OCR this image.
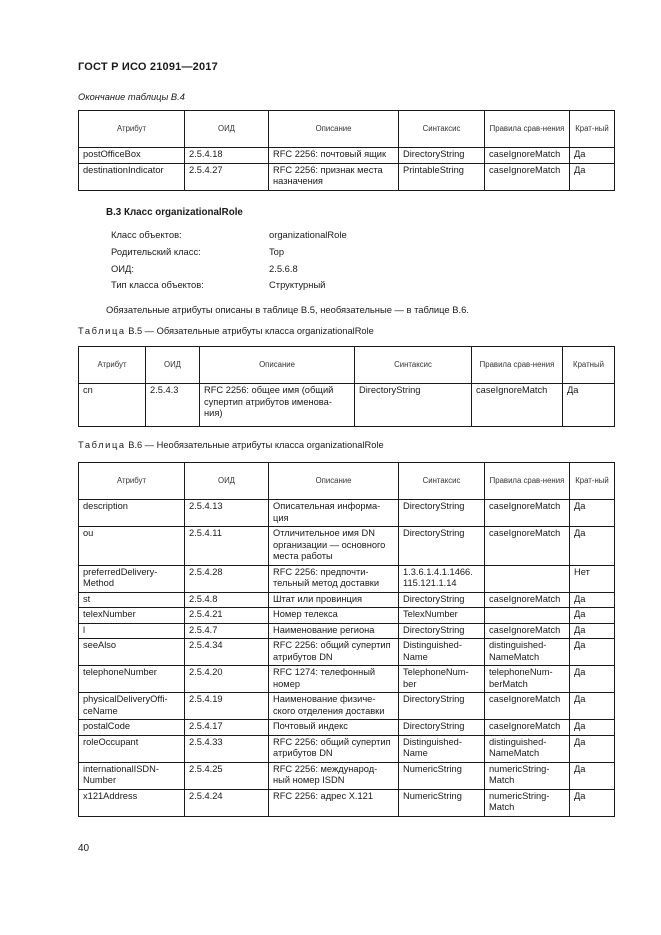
ГОСТ Р ИСО 21091—2017
Окончание таблицы В.4
Атрибут	ОИД	Описание	Синтаксис	Правила срав-нения	Крат-ный
postOfficeBox	2.5.4.18	RFC 2256: почтовый ящик	DirectoryString	caseIgnoreMatch	Да
destinationIndicator	2.5.4.27	RFC 2256: признак места назначения	PrintableString	caseIgnoreMatch	Да
В.3 Класс organizationalRole
Класс объектов:	organizationalRole
Родительский класс:	Top
ОИД:	2.5.6.8
Тип класса объектов:	Структурный
Обязательные атрибуты описаны в таблице В.5, необязательные — в таблице В.6.
Таблица В.5 — Обязательные атрибуты класса organizationalRole
Атрибут	ОИД	Описание	Синтаксис	Правила срав-нения	Кратный
cn	2.5.4.3	RFC 2256: общее имя (общий супертип атрибутов именова-ния)	DirectoryString	caseIgnoreMatch	Да
Таблица В.6 — Необязательные атрибуты класса organizationalRole
Атрибут	ОИД	Описание	Синтаксис	Правила срав-нения	Крат-ный
description	2.5.4.13	Описательная информа-ция	DirectoryString	caseIgnoreMatch	Да
ou	2.5.4.11	Отличительное имя DN организации — основного места работы	DirectoryString	caseIgnoreMatch	Да
preferredDelivery-Method	2.5.4.28	RFC 2256: предпочти-тельный метод доставки	1.3.6.1.4.1.1466. 115.121.1.14		Нет
st	2.5.4.8	Штат или провинция	DirectoryString	caseIgnoreMatch	Да
telexNumber	2.5.4.21	Номер телекса	TelexNumber		Да
l	2.5.4.7	Наименование региона	DirectoryString	caseIgnoreMatch	Да
seeAlso	2.5.4.34	RFC 2256: общий супертип атрибутов DN	Distinguished-Name	distinguished-NameMatch	Да
telephoneNumber	2.5.4.20	RFC 1274: телефонный номер	TelephoneNum-ber	telephoneNum-berMatch	Да
physicalDeliveryOffi-ceName	2.5.4.19	Наименование физиче-ского отделения доставки	DirectoryString	caseIgnoreMatch	Да
postalCode	2.5.4.17	Почтовый индекс	DirectoryString	caseIgnoreMatch	Да
roleOccupant	2.5.4.33	RFC 2256: общий супертип атрибутов DN	Distinguished-Name	distinguished-NameMatch	Да
internationalISDN-Number	2.5.4.25	RFC 2256: международ-ный номер ISDN	NumericString	numericString-Match	Да
x121Address	2.5.4.24	RFC 2256: адрес X.121	NumericString	numericString-Match	Да
40
